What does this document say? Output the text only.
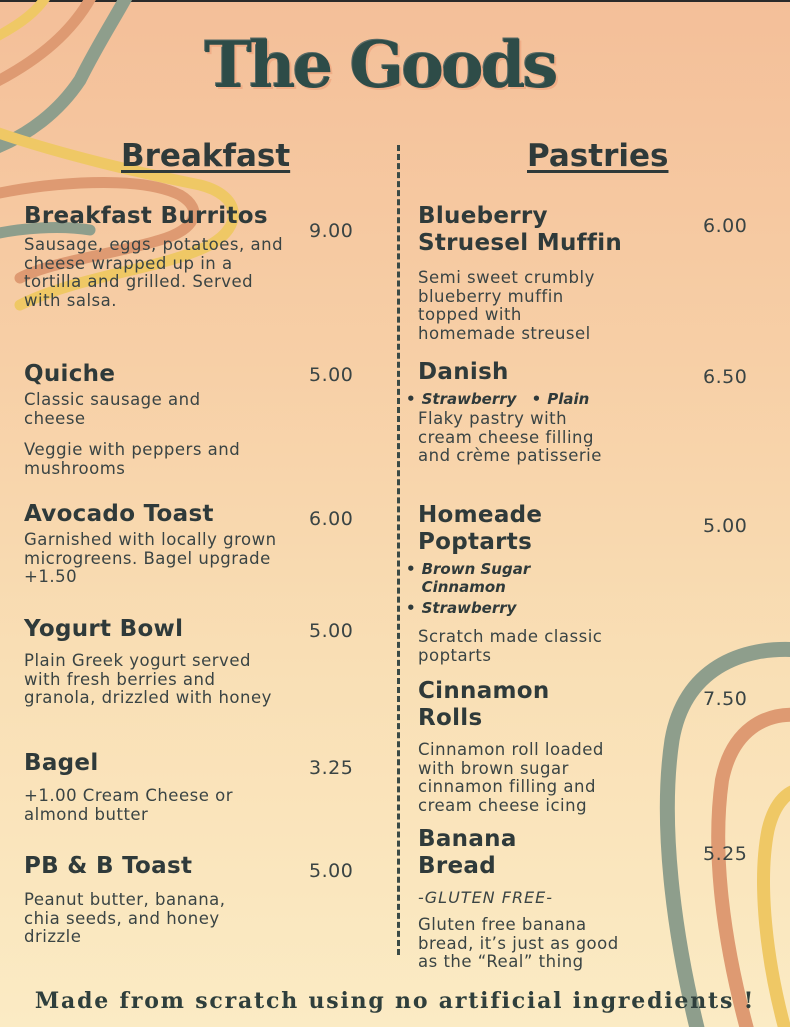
The Goods
Breakfast	Pastries
Breakfast Burritos
Sausage, eggs, potatoes, and cheese wrapped up in a tortilla and grilled. Served with salsa.
9.00
Quiche
Classic sausage and cheese
Veggie with peppers and mushrooms
5.00
Avocado Toast
Garnished with locally grown microgreens. Bagel upgrade +1.50
6.00
Yogurt Bowl
Plain Greek yogurt served with fresh berries and granola, drizzled with honey
5.00
Bagel
+1.00 Cream Cheese or almond butter
3.25
PB & B Toast
Peanut butter, banana, chia seeds, and honey drizzle
5.00
Blueberry Struesel Muffin
Semi sweet crumbly blueberry muffin topped with homemade streusel
6.00
Danish
• Strawberry • Plain
Flaky pastry with cream cheese filling and crème patisserie
6.50
Homeade Poptarts
• Brown Sugar Cinnamon
• Strawberry
Scratch made classic poptarts
5.00
Cinnamon Rolls
Cinnamon roll loaded with brown sugar cinnamon filling and cream cheese icing
7.50
Banana Bread
-GLUTEN FREE-
Gluten free banana bread, it’s just as good as the “Real” thing
5.25
Made from scratch using no artificial ingredients !
